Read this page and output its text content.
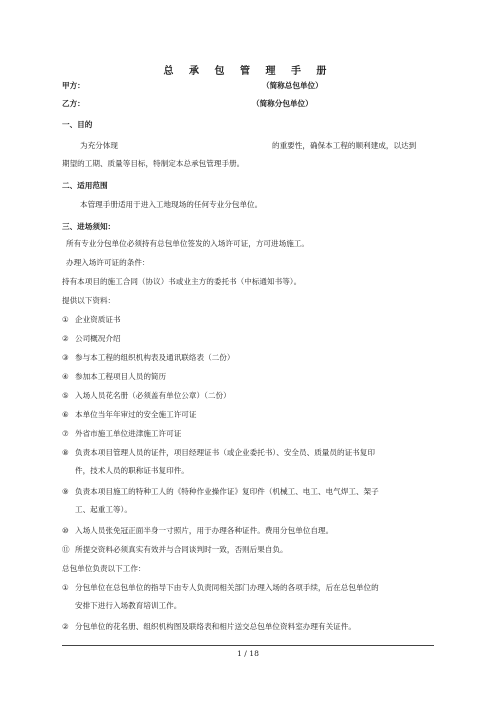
总 承 包 管 理 手 册
甲方：	（简称总包单位）
乙方：	（简称分包单位）
一、目的
为充分体现	的重要性，确保本工程的顺利建成，以达到
期望的工期、质量等目标，特制定本总承包管理手册。
二、适用范围
本管理手册适用于进入工地现场的任何专业分包单位。
三、进场须知：
所有专业分包单位必须持有总包单位签发的入场许可证，方可进场施工。
办理入场许可证的条件：
持有本项目的施工合同（协议）书或业主方的委托书（中标通知书等）。
提供以下资料：
① 企业资质证书
② 公司概况介绍
③ 参与本工程的组织机构表及通讯联络表（二份）
④ 参加本工程项目人员的简历
⑤ 入场人员花名册（必须盖有单位公章）（二份）
⑥ 本单位当年年审过的安全施工许可证
⑦ 外省市施工单位进津施工许可证
⑧ 负责本项目管理人员的证件，项目经理证书（或企业委托书）、安全员、质量员的证书复印
件，技术人员的职称证书复印件。
⑨ 负责本项目施工的特种工人的《特种作业操作证》复印件（机械工、电工、电气焊工、架子
工、起重工等）。
⑩ 入场人员张免冠正面半身一寸照片，用于办理各种证件。费用分包单位自理。
⑪ 所提交资料必须真实有效并与合同谈判时一致，否则后果自负。
总包单位负责以下工作：
① 分包单位在总包单位的指导下由专人负责同相关部门办理入场的各项手续，后在总包单位的
安排下进行入场教育培训工作。
② 分包单位的花名册、组织机构图及联络表和相片送交总包单位资料室办理有关证件。
1 / 18
